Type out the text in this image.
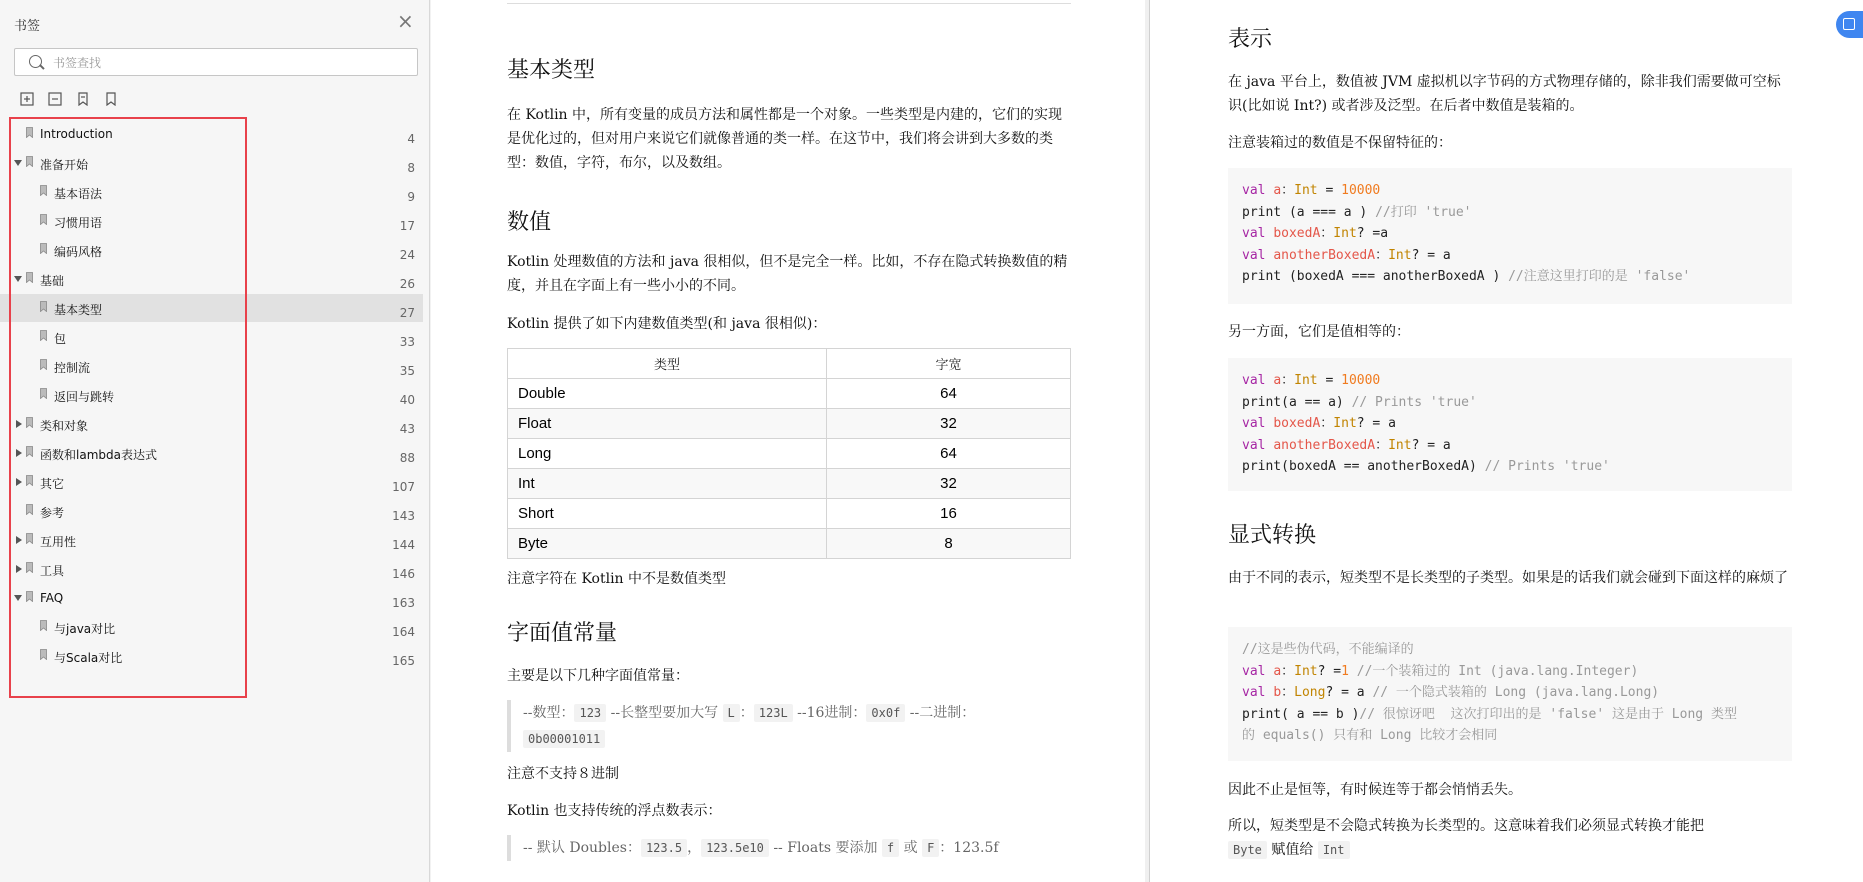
书签	×
书签查找
Introduction	4
准备开始	8
基本语法	9
习惯用语	17
编码风格	24
基础	26
基本类型	27
包	33
控制流	35
返回与跳转	40
类和对象	43
函数和lambda表达式	88
其它	107
参考	143
互用性	144
工具	146
FAQ	163
与java对比	164
与Scala对比	165
基本类型
在 Kotlin 中，所有变量的成员方法和属性都是一个对象。一些类型是内建的，它们的实现是优化过的，但对用户来说它们就像普通的类一样。在这节中，我们将会讲到大多数的类型：数值，字符，布尔，以及数组。
数值
Kotlin 处理数值的方法和 java 很相似，但不是完全一样。比如，不存在隐式转换数值的精度，并且在字面上有一些小小的不同。
Kotlin 提供了如下内建数值类型(和 java 很相似)：
类型	字宽
Double	64
Float	32
Long	64
Int	32
Short	16
Byte	8
注意字符在 Kotlin 中不是数值类型
字面值常量
主要是以下几种字面值常量：
--数型： 123 --长整型要加大写 L ： 123L --16进制： 0x0f --二进制：0b00001011
注意不支持８进制
Kotlin 也支持传统的浮点数表示：
-- 默认 Doubles： 123.5 ， 123.5e10 -- Floats 要添加 f 或 F ：123.5f
表示
在 java 平台上，数值被 JVM 虚拟机以字节码的方式物理存储的，除非我们需要做可空标识(比如说 Int?) 或者涉及泛型。在后者中数值是装箱的。
注意装箱过的数值是不保留特征的：
val a：Int = 10000
print (a === a ) //打印 'true'
val boxedA：Int? =a
val anotherBoxedA：Int? = a
print (boxedA === anotherBoxedA ) //注意这里打印的是 'false'
另一方面，它们是值相等的：
val a：Int = 10000
print(a == a) // Prints 'true'
val boxedA：Int? = a
val anotherBoxedA：Int? = a
print(boxedA == anotherBoxedA) // Prints 'true'
显式转换
由于不同的表示，短类型不是长类型的子类型。如果是的话我们就会碰到下面这样的麻烦了
//这是些伪代码，不能编译的
val a：Int? =1 //一个装箱过的 Int (java.lang.Integer)
val b：Long? = a // 一个隐式装箱的 Long (java.lang.Long)
print( a == b )// 很惊讶吧  这次打印出的是 'false' 这是由于 Long 类型
的 equals() 只有和 Long 比较才会相同
因此不止是恒等，有时候连等于都会悄悄丢失。
所以，短类型是不会隐式转换为长类型的。这意味着我们必须显式转换才能把
Byte 赋值给 Int
